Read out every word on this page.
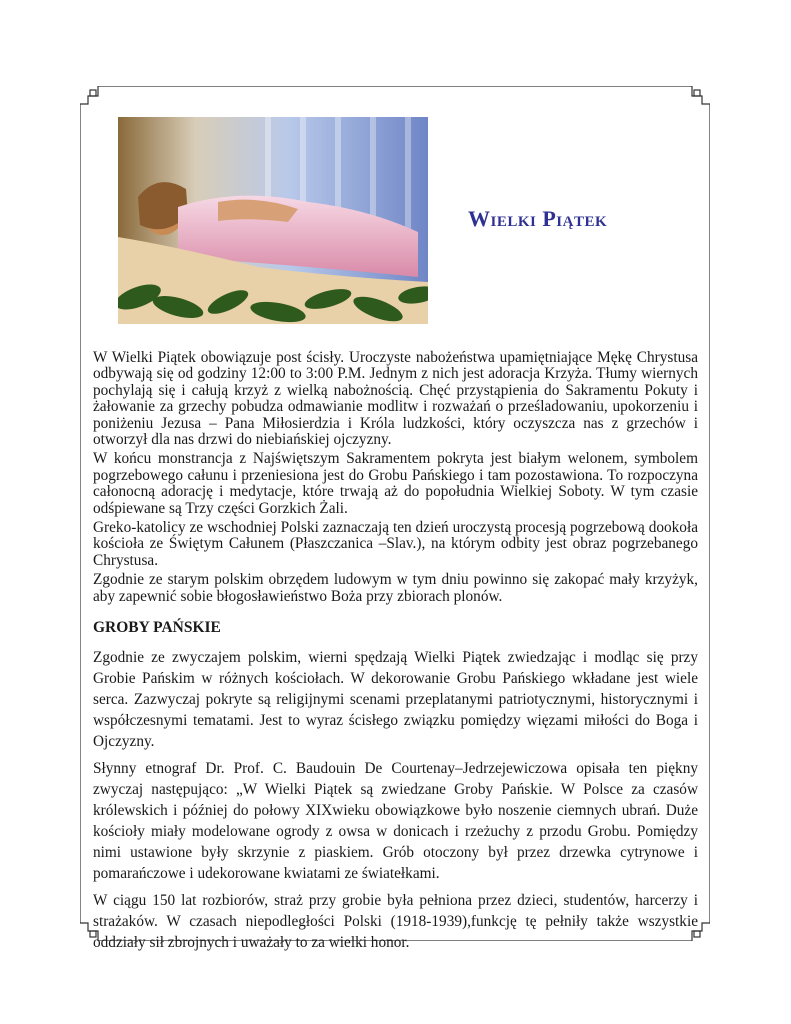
Wielki Piątek

W Wielki Piątek obowiązuje post ścisły. Uroczyste nabożeństwa upamiętniające Mękę Chrystusa odbywają się od godziny 12:00 to 3:00 P.M. Jednym z nich jest adoracja Krzyża. Tłumy wiernych pochylają się i całują krzyż z wielką nabożnością. Chęć przystąpienia do Sakramentu Pokuty i żałowanie za grzechy pobudza odmawianie modlitw i rozważań o prześladowaniu, upokorzeniu i poniżeniu Jezusa – Pana Miłosierdzia i Króla ludzkości, który oczyszcza nas z grzechów i otworzył dla nas drzwi do niebiańskiej ojczyzny.

W końcu monstrancja z Najświętszym Sakramentem pokryta jest białym welonem, symbolem pogrzebowego całunu i przeniesiona jest do Grobu Pańskiego i tam pozostawiona. To rozpoczyna całonocną adorację i medytacje, które trwają aż do popołudnia Wielkiej Soboty. W tym czasie odśpiewane są Trzy części Gorzkich Żali.

Greko-katolicy ze wschodniej Polski zaznaczają ten dzień uroczystą procesją pogrzebową dookoła kościoła ze Świętym Całunem (Płaszczanica –Slav.), na którym odbity jest obraz pogrzebanego Chrystusa.

Zgodnie ze starym polskim obrzędem ludowym w tym dniu powinno się zakopać mały krzyżyk, aby zapewnić sobie błogosławieństwo Boża przy zbiorach plonów.

GROBY PAŃSKIE

Zgodnie ze zwyczajem polskim, wierni spędzają Wielki Piątek zwiedzając i modląc się przy Grobie Pańskim w różnych kościołach. W dekorowanie Grobu Pańskiego wkładane jest wiele serca. Zazwyczaj pokryte są religijnymi scenami przeplatanymi patriotycznymi, historycznymi i współczesnymi tematami. Jest to wyraz ścisłego związku pomiędzy więzami miłości do Boga i Ojczyzny.

Słynny etnograf Dr. Prof. C. Baudouin De Courtenay–Jedrzejewiczowa opisała ten piękny zwyczaj następująco: „W Wielki Piątek są zwiedzane Groby Pańskie. W Polsce za czasów królewskich i później do połowy XIXwieku obowiązkowe było noszenie ciemnych ubrań. Duże kościoły miały modelowane ogrody z owsa w donicach i rzeżuchy z przodu Grobu. Pomiędzy nimi ustawione były skrzynie z piaskiem. Grób otoczony był przez drzewka cytrynowe i pomarańczowe i udekorowane kwiatami ze światełkami.

W ciągu 150 lat rozbiorów, straż przy grobie była pełniona przez dzieci, studentów, harcerzy i strażaków. W czasach niepodległości Polski (1918-1939),funkcję tę pełniły także wszystkie oddziały sił zbrojnych i uważały to za wielki honor.
